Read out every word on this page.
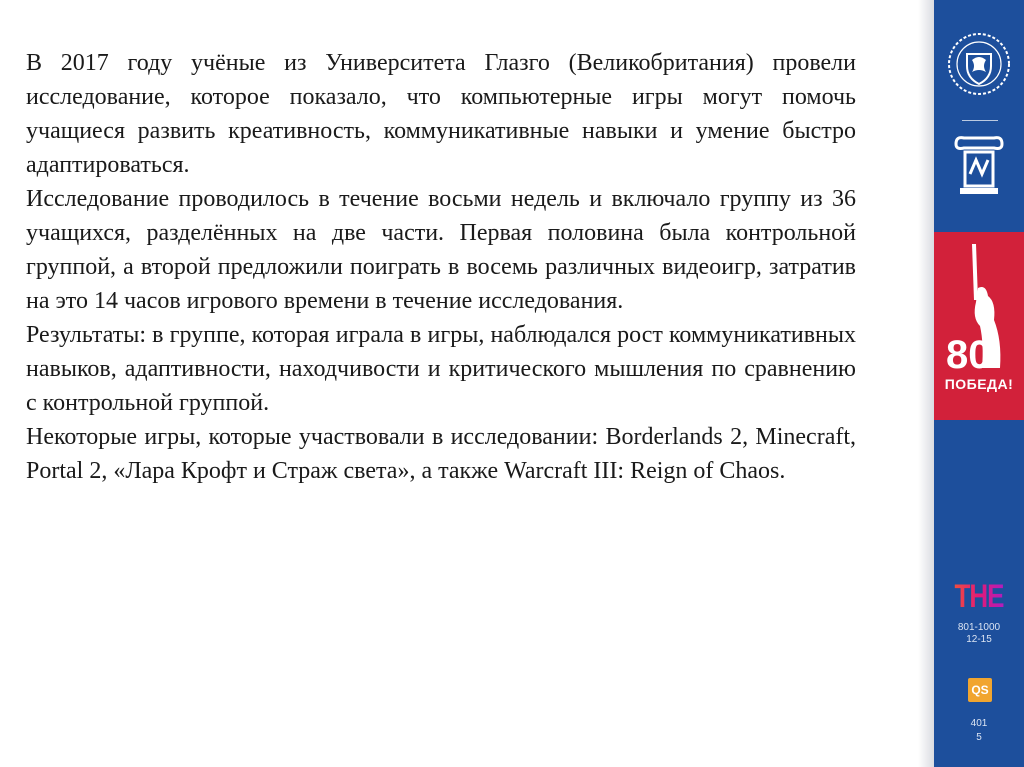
В 2017 году учёные из Университета Глазго (Великобритания) провели исследование, которое показало, что компьютерные игры могут помочь учащиеся развить креативность, коммуникативные навыки и умение быстро адаптироваться.

Исследование проводилось в течение восьми недель и включало группу из 36 учащихся, разделённых на две части. Первая половина была контрольной группой, а второй предложили поиграть в восемь различных видеоигр, затратив на это 14 часов игрового времени в течение исследования.

Результаты: в группе, которая играла в игры, наблюдался рост коммуникативных навыков, адаптивности, находчивости и критического мышления по сравнению с контрольной группой.

Некоторые игры, которые участвовали в исследовании: Borderlands 2, Minecraft, Portal 2, «Лара Крофт и Страж света», а также Warcraft III: Reign of Chaos.

80
ПОБЕДА!
THE
801-1000
12-15
QS
401
5
